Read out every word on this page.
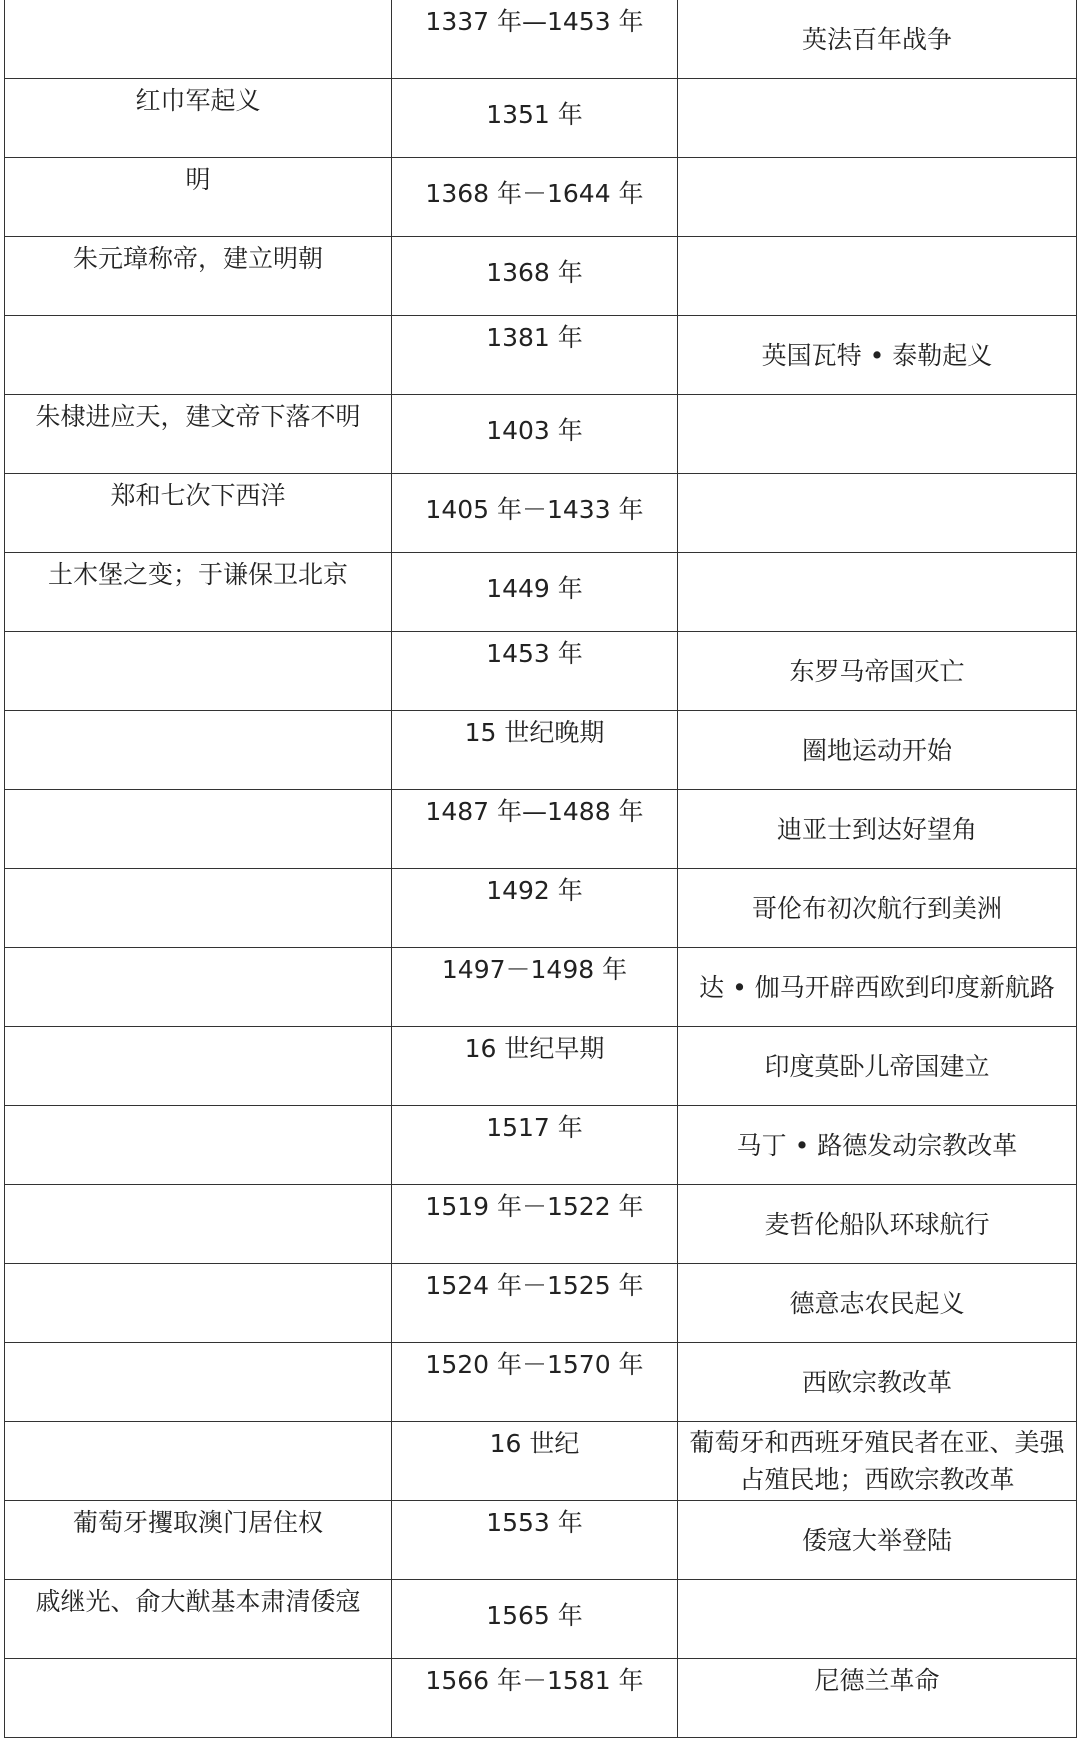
	1337 年—1453 年	英法百年战争

红巾军起义	1351 年	

明	1368 年－1644 年	

朱元璋称帝，建立明朝	1368 年	

	1381 年	英国瓦特 • 泰勒起义

朱棣进应天，建文帝下落不明	1403 年	

郑和七次下西洋	1405 年－1433 年	

土木堡之变；于谦保卫北京	1449 年	

	1453 年	东罗马帝国灭亡

	15 世纪晚期	圈地运动开始

	1487 年—1488 年	迪亚士到达好望角

	1492 年	哥伦布初次航行到美洲

	1497－1498 年	达 • 伽马开辟西欧到印度新航路

	16 世纪早期	印度莫卧儿帝国建立

	1517 年	马丁 • 路德发动宗教改革

	1519 年－1522 年	麦哲伦船队环球航行

	1524 年－1525 年	德意志农民起义

	1520 年－1570 年	西欧宗教改革

	16 世纪	葡萄牙和西班牙殖民者在亚、美强占殖民地；西欧宗教改革

葡萄牙攫取澳门居住权	1553 年	倭寇大举登陆

戚继光、俞大猷基本肃清倭寇	1565 年	

	1566 年－1581 年	尼德兰革命
